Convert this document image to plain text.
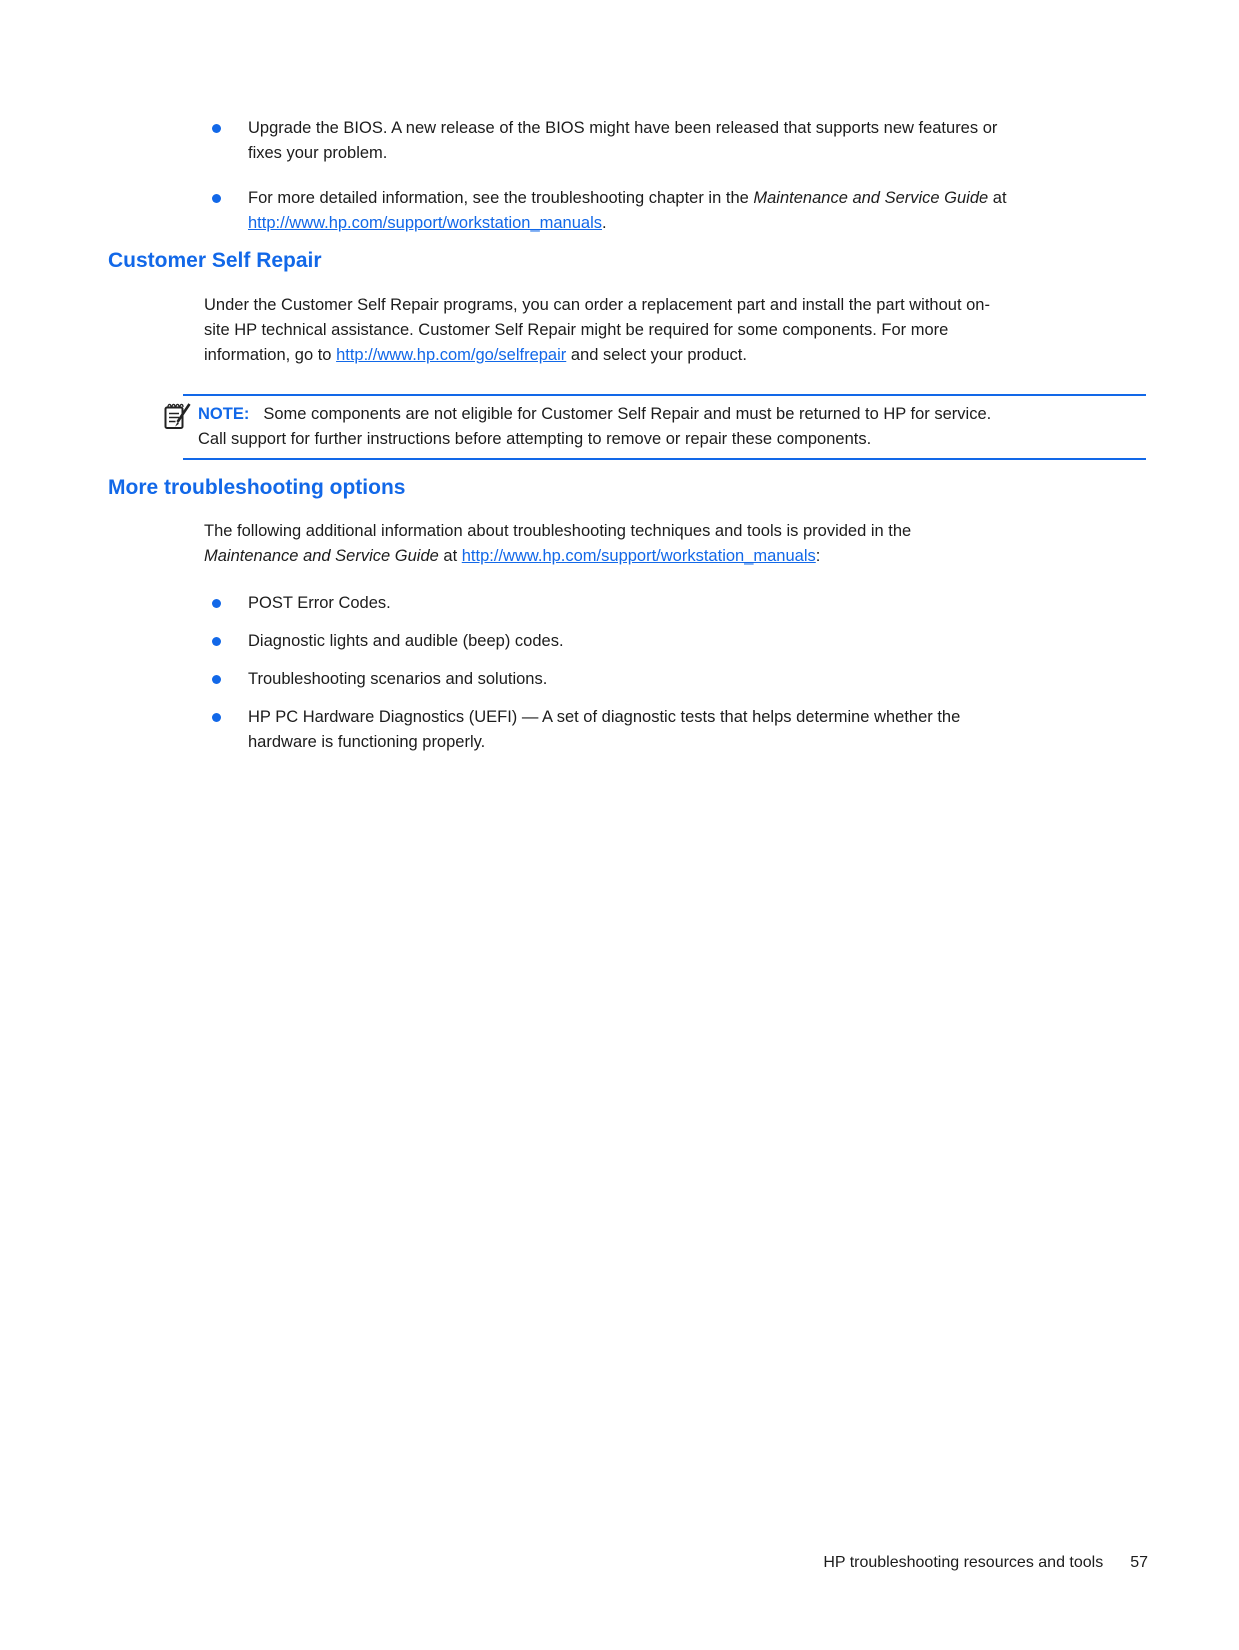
Upgrade the BIOS. A new release of the BIOS might have been released that supports new features or
fixes your problem.
For more detailed information, see the troubleshooting chapter in the Maintenance and Service Guide at
http://www.hp.com/support/workstation_manuals.
Customer Self Repair

Under the Customer Self Repair programs, you can order a replacement part and install the part without on-
site HP technical assistance. Customer Self Repair might be required for some components. For more
information, go to http://www.hp.com/go/selfrepair and select your product.

NOTE: Some components are not eligible for Customer Self Repair and must be returned to HP for service.
Call support for further instructions before attempting to remove or repair these components.

More troubleshooting options

The following additional information about troubleshooting techniques and tools is provided in the
Maintenance and Service Guide at http://www.hp.com/support/workstation_manuals:

POST Error Codes.
Diagnostic lights and audible (beep) codes.
Troubleshooting scenarios and solutions.
HP PC Hardware Diagnostics (UEFI) — A set of diagnostic tests that helps determine whether the
hardware is functioning properly.
HP troubleshooting resources and tools 57
